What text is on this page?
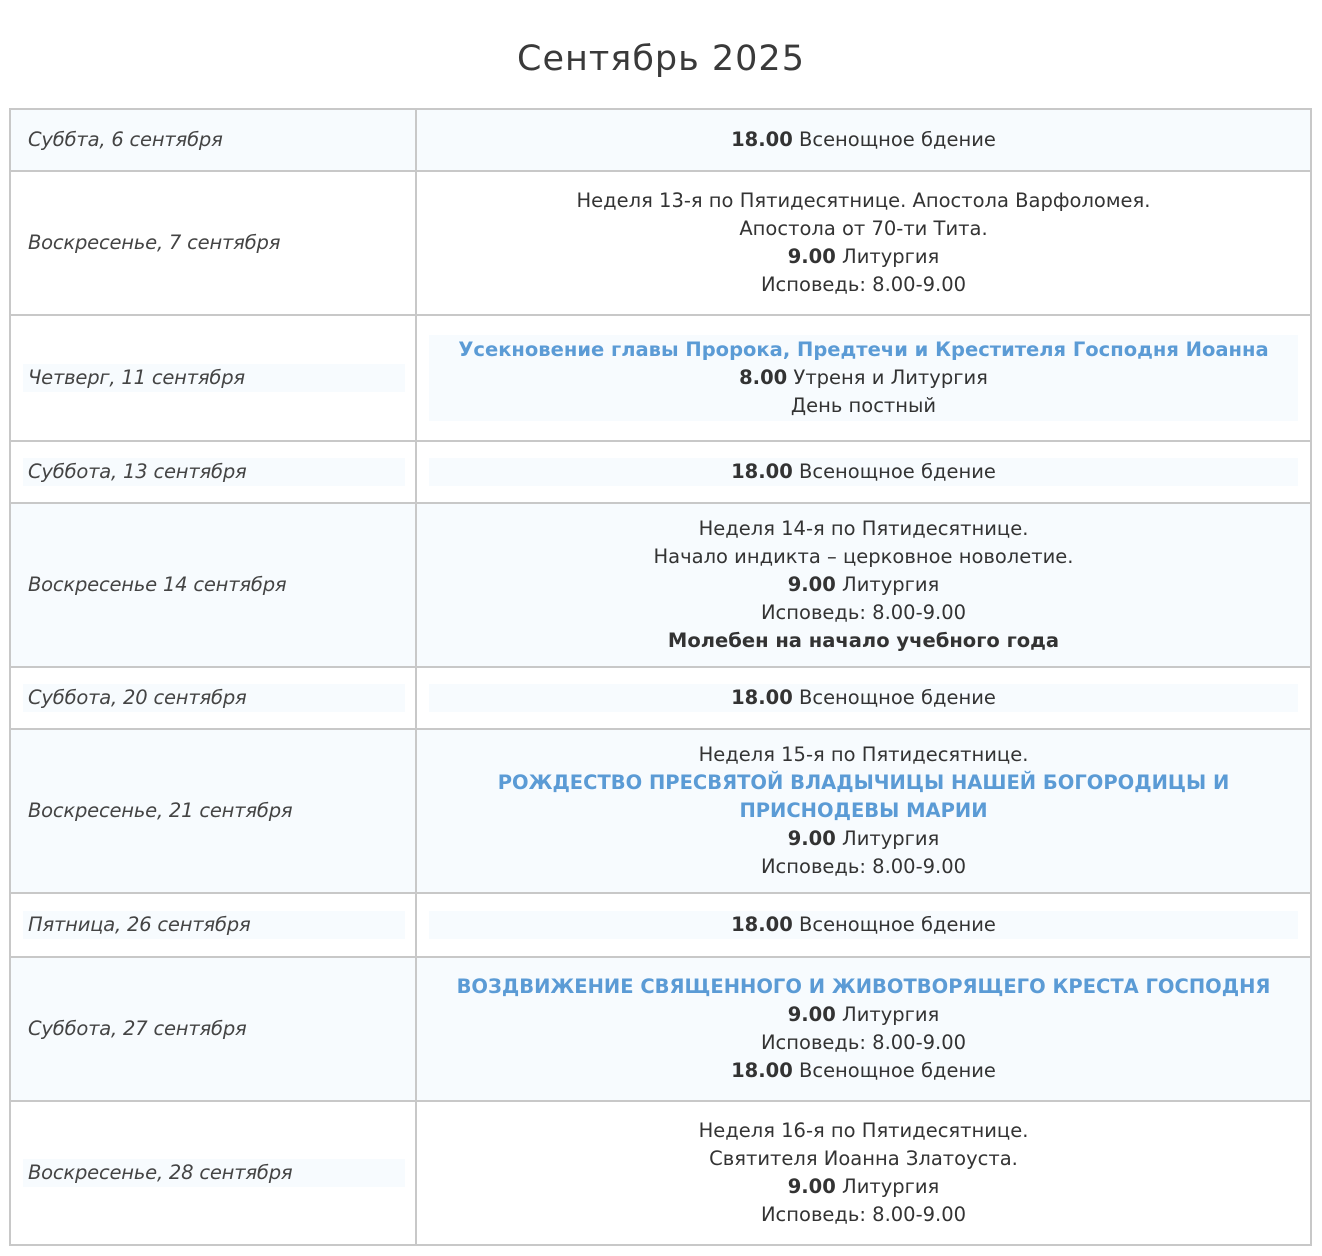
Сентябрь 2025
Суббта, 6 сентября	18.00 Всенощное бдение

Воскресенье, 7 сентября	Неделя 13-я по Пятидесятнице. Апостола Варфоломея.
Апостола от 70-ти Тита.
9.00 Литургия
Исповедь: 8.00-9.00

Четверг, 11 сентября	Усекновение главы Пророка, Предтечи и Крестителя Господня Иоанна
8.00 Утреня и Литургия
День постный

Суббота, 13 сентября	18.00 Всенощное бдение

Воскресенье 14 сентября	Неделя 14-я по Пятидесятнице.
Начало индикта – церковное новолетие.
9.00 Литургия
Исповедь: 8.00-9.00
Молебен на начало учебного года

Суббота, 20 сентября	18.00 Всенощное бдение

Воскресенье, 21 сентября	Неделя 15-я по Пятидесятнице.
РОЖДЕСТВО ПРЕСВЯТОЙ ВЛАДЫЧИЦЫ НАШЕЙ БОГОРОДИЦЫ И
ПРИСНОДЕВЫ МАРИИ
9.00 Литургия
Исповедь: 8.00-9.00

Пятница, 26 сентября	18.00 Всенощное бдение

Суббота, 27 сентября	ВОЗДВИЖЕНИЕ СВЯЩЕННОГО И ЖИВОТВОРЯЩЕГО КРЕСТА ГОСПОДНЯ
9.00 Литургия
Исповедь: 8.00-9.00
18.00 Всенощное бдение

Воскресенье, 28 сентября	Неделя 16-я по Пятидесятнице.
Святителя Иоанна Златоуста.
9.00 Литургия
Исповедь: 8.00-9.00
